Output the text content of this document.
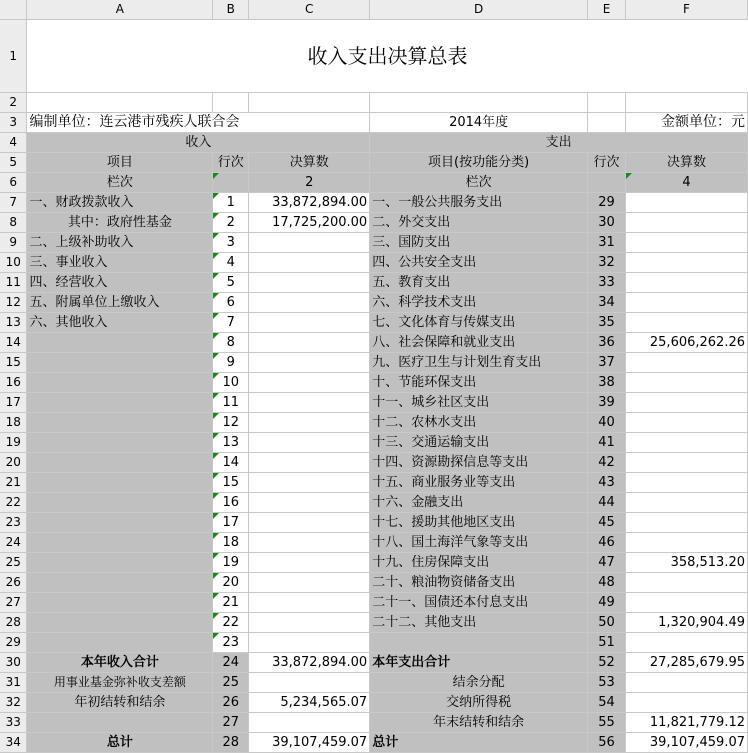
	A	B	C	D	E	F
1	收入支出决算总表					
2						
3	编制单位：连云港市残疾人联合会			2014年度		金额单位：元
4	收入			支出		
5	项目	行次	决算数	项目(按功能分类)	行次	决算数
6	栏次		2	栏次		4
7	一、财政拨款收入	1	33,872,894.00	一、一般公共服务支出	29	
8	其中：政府性基金	2	17,725,200.00	二、外交支出	30	
9	二、上级补助收入	3		三、国防支出	31	
10	三、事业收入	4		四、公共安全支出	32	
11	四、经营收入	5		五、教育支出	33	
12	五、附属单位上缴收入	6		六、科学技术支出	34	
13	六、其他收入	7		七、文化体育与传媒支出	35	
14		8		八、社会保障和就业支出	36	25,606,262.26
15		9		九、医疗卫生与计划生育支出	37	
16		10		十、节能环保支出	38	
17		11		十一、城乡社区支出	39	
18		12		十二、农林水支出	40	
19		13		十三、交通运输支出	41	
20		14		十四、资源勘探信息等支出	42	
21		15		十五、商业服务业等支出	43	
22		16		十六、金融支出	44	
23		17		十七、援助其他地区支出	45	
24		18		十八、国土海洋气象等支出	46	
25		19		十九、住房保障支出	47	358,513.20
26		20		二十、粮油物资储备支出	48	
27		21		二十一、国债还本付息支出	49	
28		22		二十二、其他支出	50	1,320,904.49
29		23			51	
30	本年收入合计	24	33,872,894.00	本年支出合计	52	27,285,679.95
31	用事业基金弥补收支差额	25		结余分配	53	
32	年初结转和结余	26	5,234,565.07	交纳所得税	54	
33		27		年末结转和结余	55	11,821,779.12
34	总计	28	39,107,459.07	总计	56	39,107,459.07
